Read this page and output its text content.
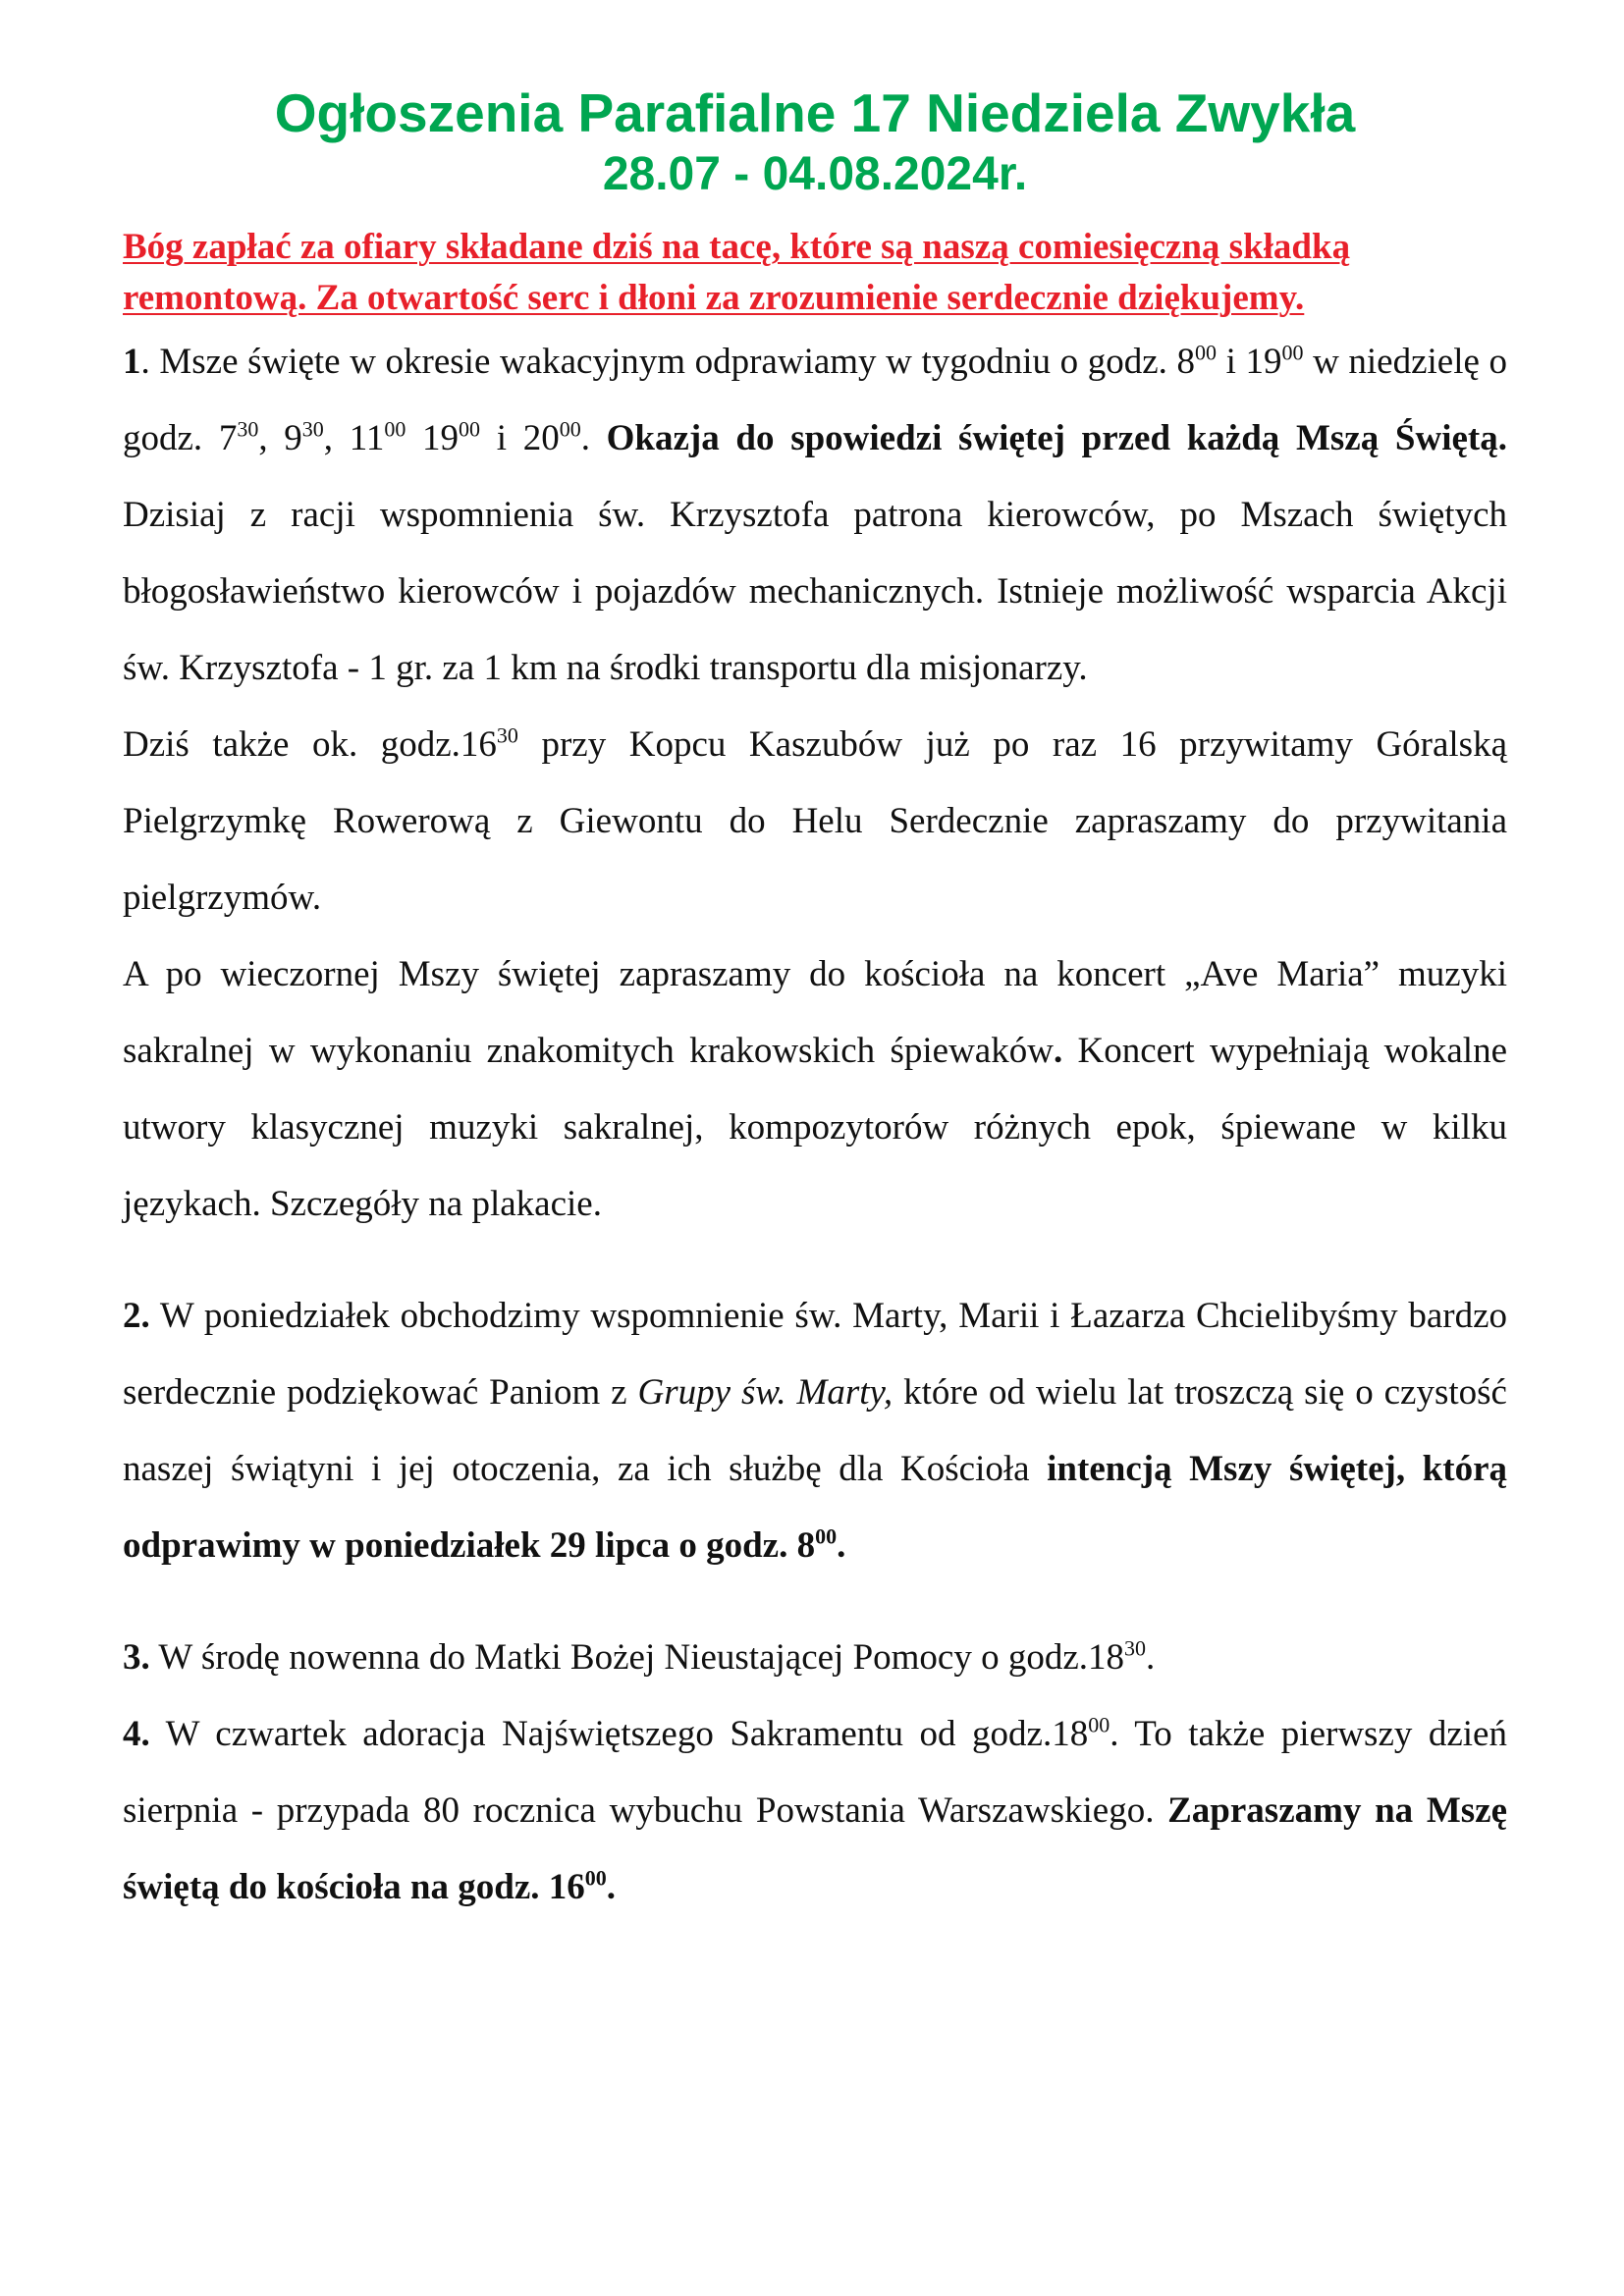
Ogłoszenia Parafialne 17 Niedziela Zwykła
28.07 - 04.08.2024r.

Bóg zapłać za ofiary składane dziś na tacę, które są naszą comiesięczną składką remontową. Za otwartość serc i dłoni za zrozumienie serdecznie dziękujemy.

1. Msze święte w okresie wakacyjnym odprawiamy w tygodniu o godz. $8^{00}$ i $19^{00}$ w niedzielę o godz. $7^{30}$, $9^{30}$, $11^{00}$ $19^{00}$ i $20^{00}$. Okazja do spowiedzi świętej przed każdą Mszą Świętą. Dzisiaj z racji wspomnienia św. Krzysztofa patrona kierowców, po Mszach świętych błogosławieństwo kierowców i pojazdów mechanicznych. Istnieje możliwość wsparcia Akcji św. Krzysztofa - 1 gr. za 1 km na środki transportu dla misjonarzy.

Dziś także ok. $godz.16^{30}$ przy Kopcu Kaszubów już po raz 16 przywitamy Góralską Pielgrzymkę Rowerową z Giewontu do Helu Serdecznie zapraszamy do przywitania pielgrzymów.

A po wieczornej Mszy świętej zapraszamy do kościoła na koncert „Ave Maria” muzyki sakralnej w wykonaniu znakomitych krakowskich śpiewaków. Koncert wypełniają wokalne utwory klasycznej muzyki sakralnej, kompozytorów różnych epok, śpiewane w kilku językach. Szczegóły na plakacie.

2. W poniedziałek obchodzimy wspomnienie św. Marty, Marii i Łazarza Chcielibyśmy bardzo serdecznie podziękować Paniom z Grupy św. Marty, które od wielu lat troszczą się o czystość naszej świątyni i jej otoczenia, za ich służbę dla Kościoła intencją Mszy świętej, którą odprawimy w poniedziałek 29 lipca o godz. $8^{00}$.

3. W środę nowenna do Matki Bożej Nieustającej Pomocy o $godz.18^{30}$.

4. W czwartek adoracja Najświętszego Sakramentu od $godz.18^{00}$. To także pierwszy dzień sierpnia - przypada 80 rocznica wybuchu Powstania Warszawskiego. Zapraszamy na Mszę świętą do kościoła na godz. $16^{00}$.
